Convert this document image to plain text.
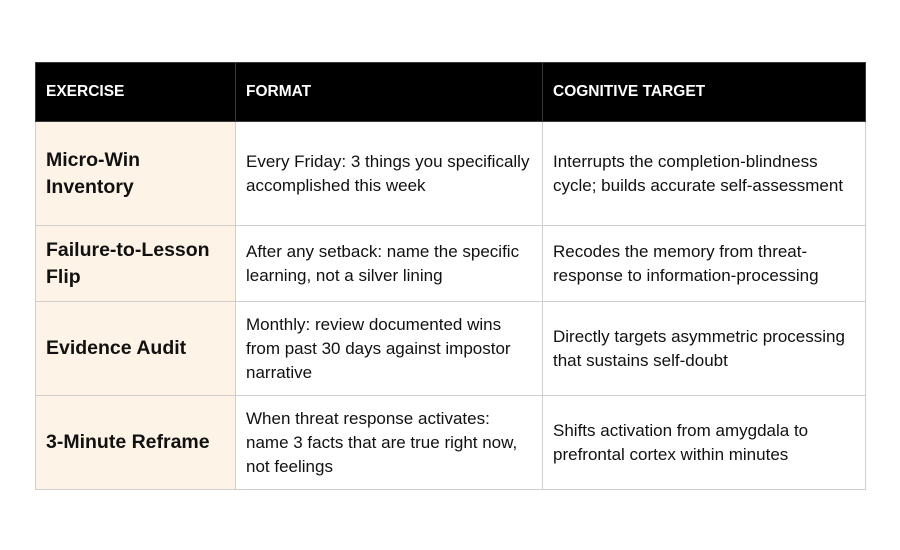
EXERCISE	FORMAT	COGNITIVE TARGET
Micro-Win Inventory	Every Friday: 3 things you specifically accomplished this week	Interrupts the completion-blindness cycle; builds accurate self-assessment
Failure-to-Lesson Flip	After any setback: name the specific learning, not a silver lining	Recodes the memory from threat-response to information-processing
Evidence Audit	Monthly: review documented wins from past 30 days against impostor narrative	Directly targets asymmetric processing that sustains self-doubt
3-Minute Reframe	When threat response activates: name 3 facts that are true right now, not feelings	Shifts activation from amygdala to prefrontal cortex within minutes
